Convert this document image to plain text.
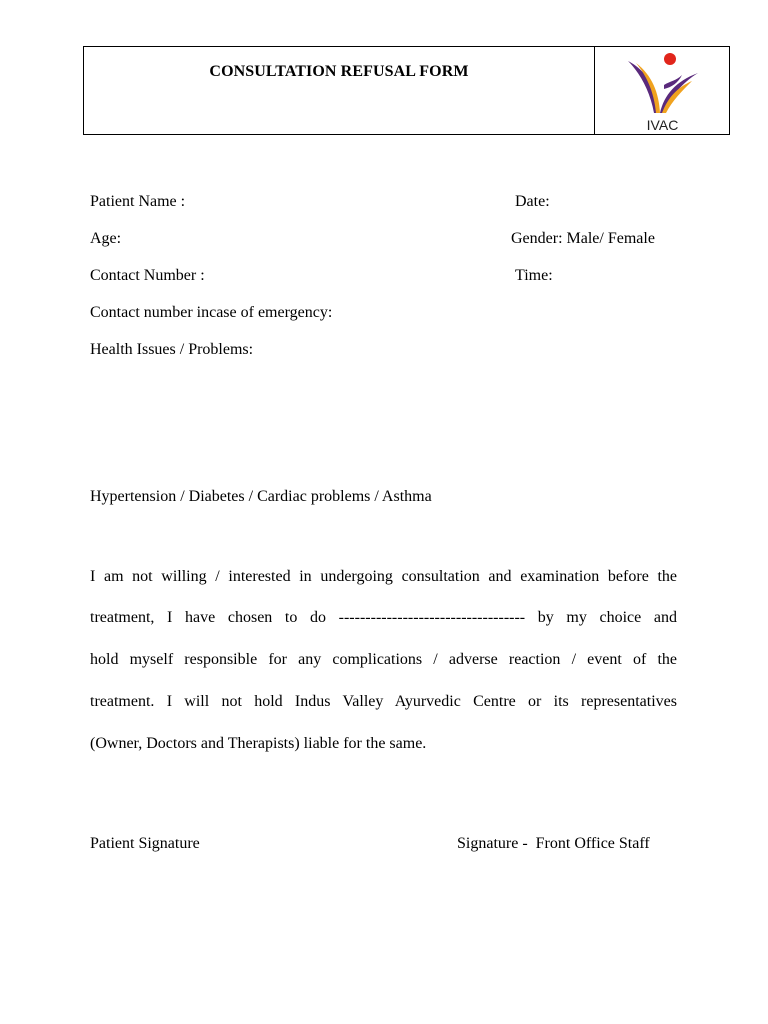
CONSULTATION REFUSAL FORM
IVAC
Patient Name :	Date:
Age:	Gender: Male/ Female
Contact Number :	Time:
Contact number incase of emergency:
Health Issues / Problems:
Hypertension / Diabetes / Cardiac problems / Asthma
I am not willing / interested in undergoing consultation and examination before the
treatment, I have chosen to do ----------------------------------- by my choice and
hold myself responsible for any complications / adverse reaction / event of the
treatment. I will not hold Indus Valley Ayurvedic Centre or its representatives
(Owner, Doctors and Therapists) liable for the same.
Patient Signature	Signature -  Front Office Staff
